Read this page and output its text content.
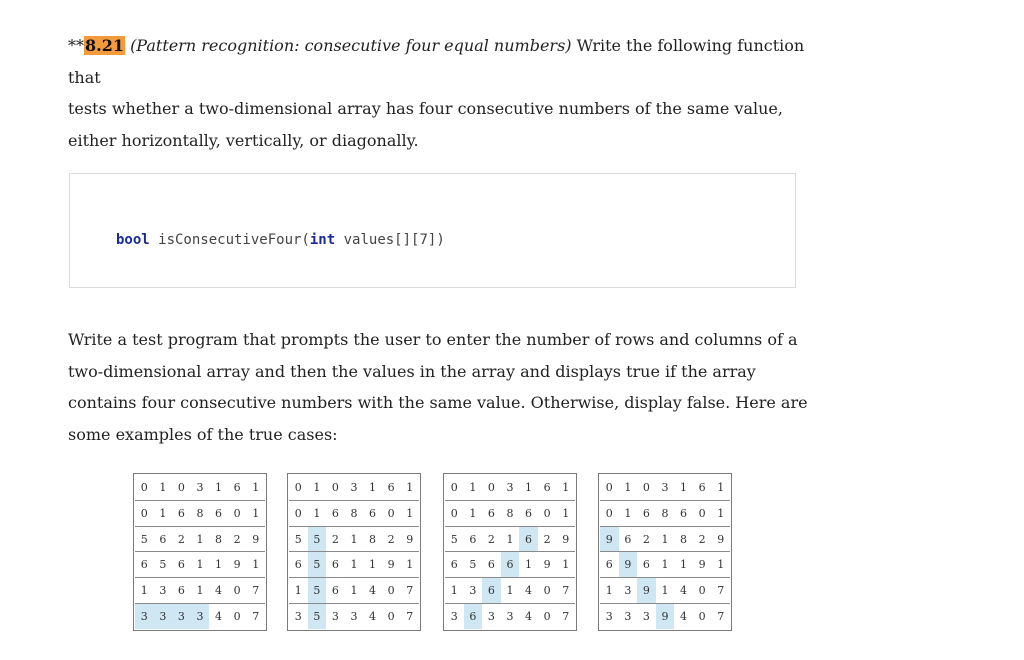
**8.21 (Pattern recognition: consecutive four equal numbers) Write the following function that
tests whether a two-dimensional array has four consecutive numbers of the same value,
either horizontally, vertically, or diagonally.

bool isConsecutiveFour(int values[][7])

Write a test program that prompts the user to enter the number of rows and columns of a
two-dimensional array and then the values in the array and displays true if the array
contains four consecutive numbers with the same value. Otherwise, display false. Here are
some examples of the true cases:

0	1	0	3	1	6	1
0	1	6	8	6	0	1
5	6	2	1	8	2	9
6	5	6	1	1	9	1
1	3	6	1	4	0	7
3	3	3	3	4	0	7
0	1	0	3	1	6	1
0	1	6	8	6	0	1
5	5	2	1	8	2	9
6	5	6	1	1	9	1
1	5	6	1	4	0	7
3	5	3	3	4	0	7
0	1	0	3	1	6	1
0	1	6	8	6	0	1
5	6	2	1	6	2	9
6	5	6	6	1	9	1
1	3	6	1	4	0	7
3	6	3	3	4	0	7
0	1	0	3	1	6	1
0	1	6	8	6	0	1
9	6	2	1	8	2	9
6	9	6	1	1	9	1
1	3	9	1	4	0	7
3	3	3	9	4	0	7
